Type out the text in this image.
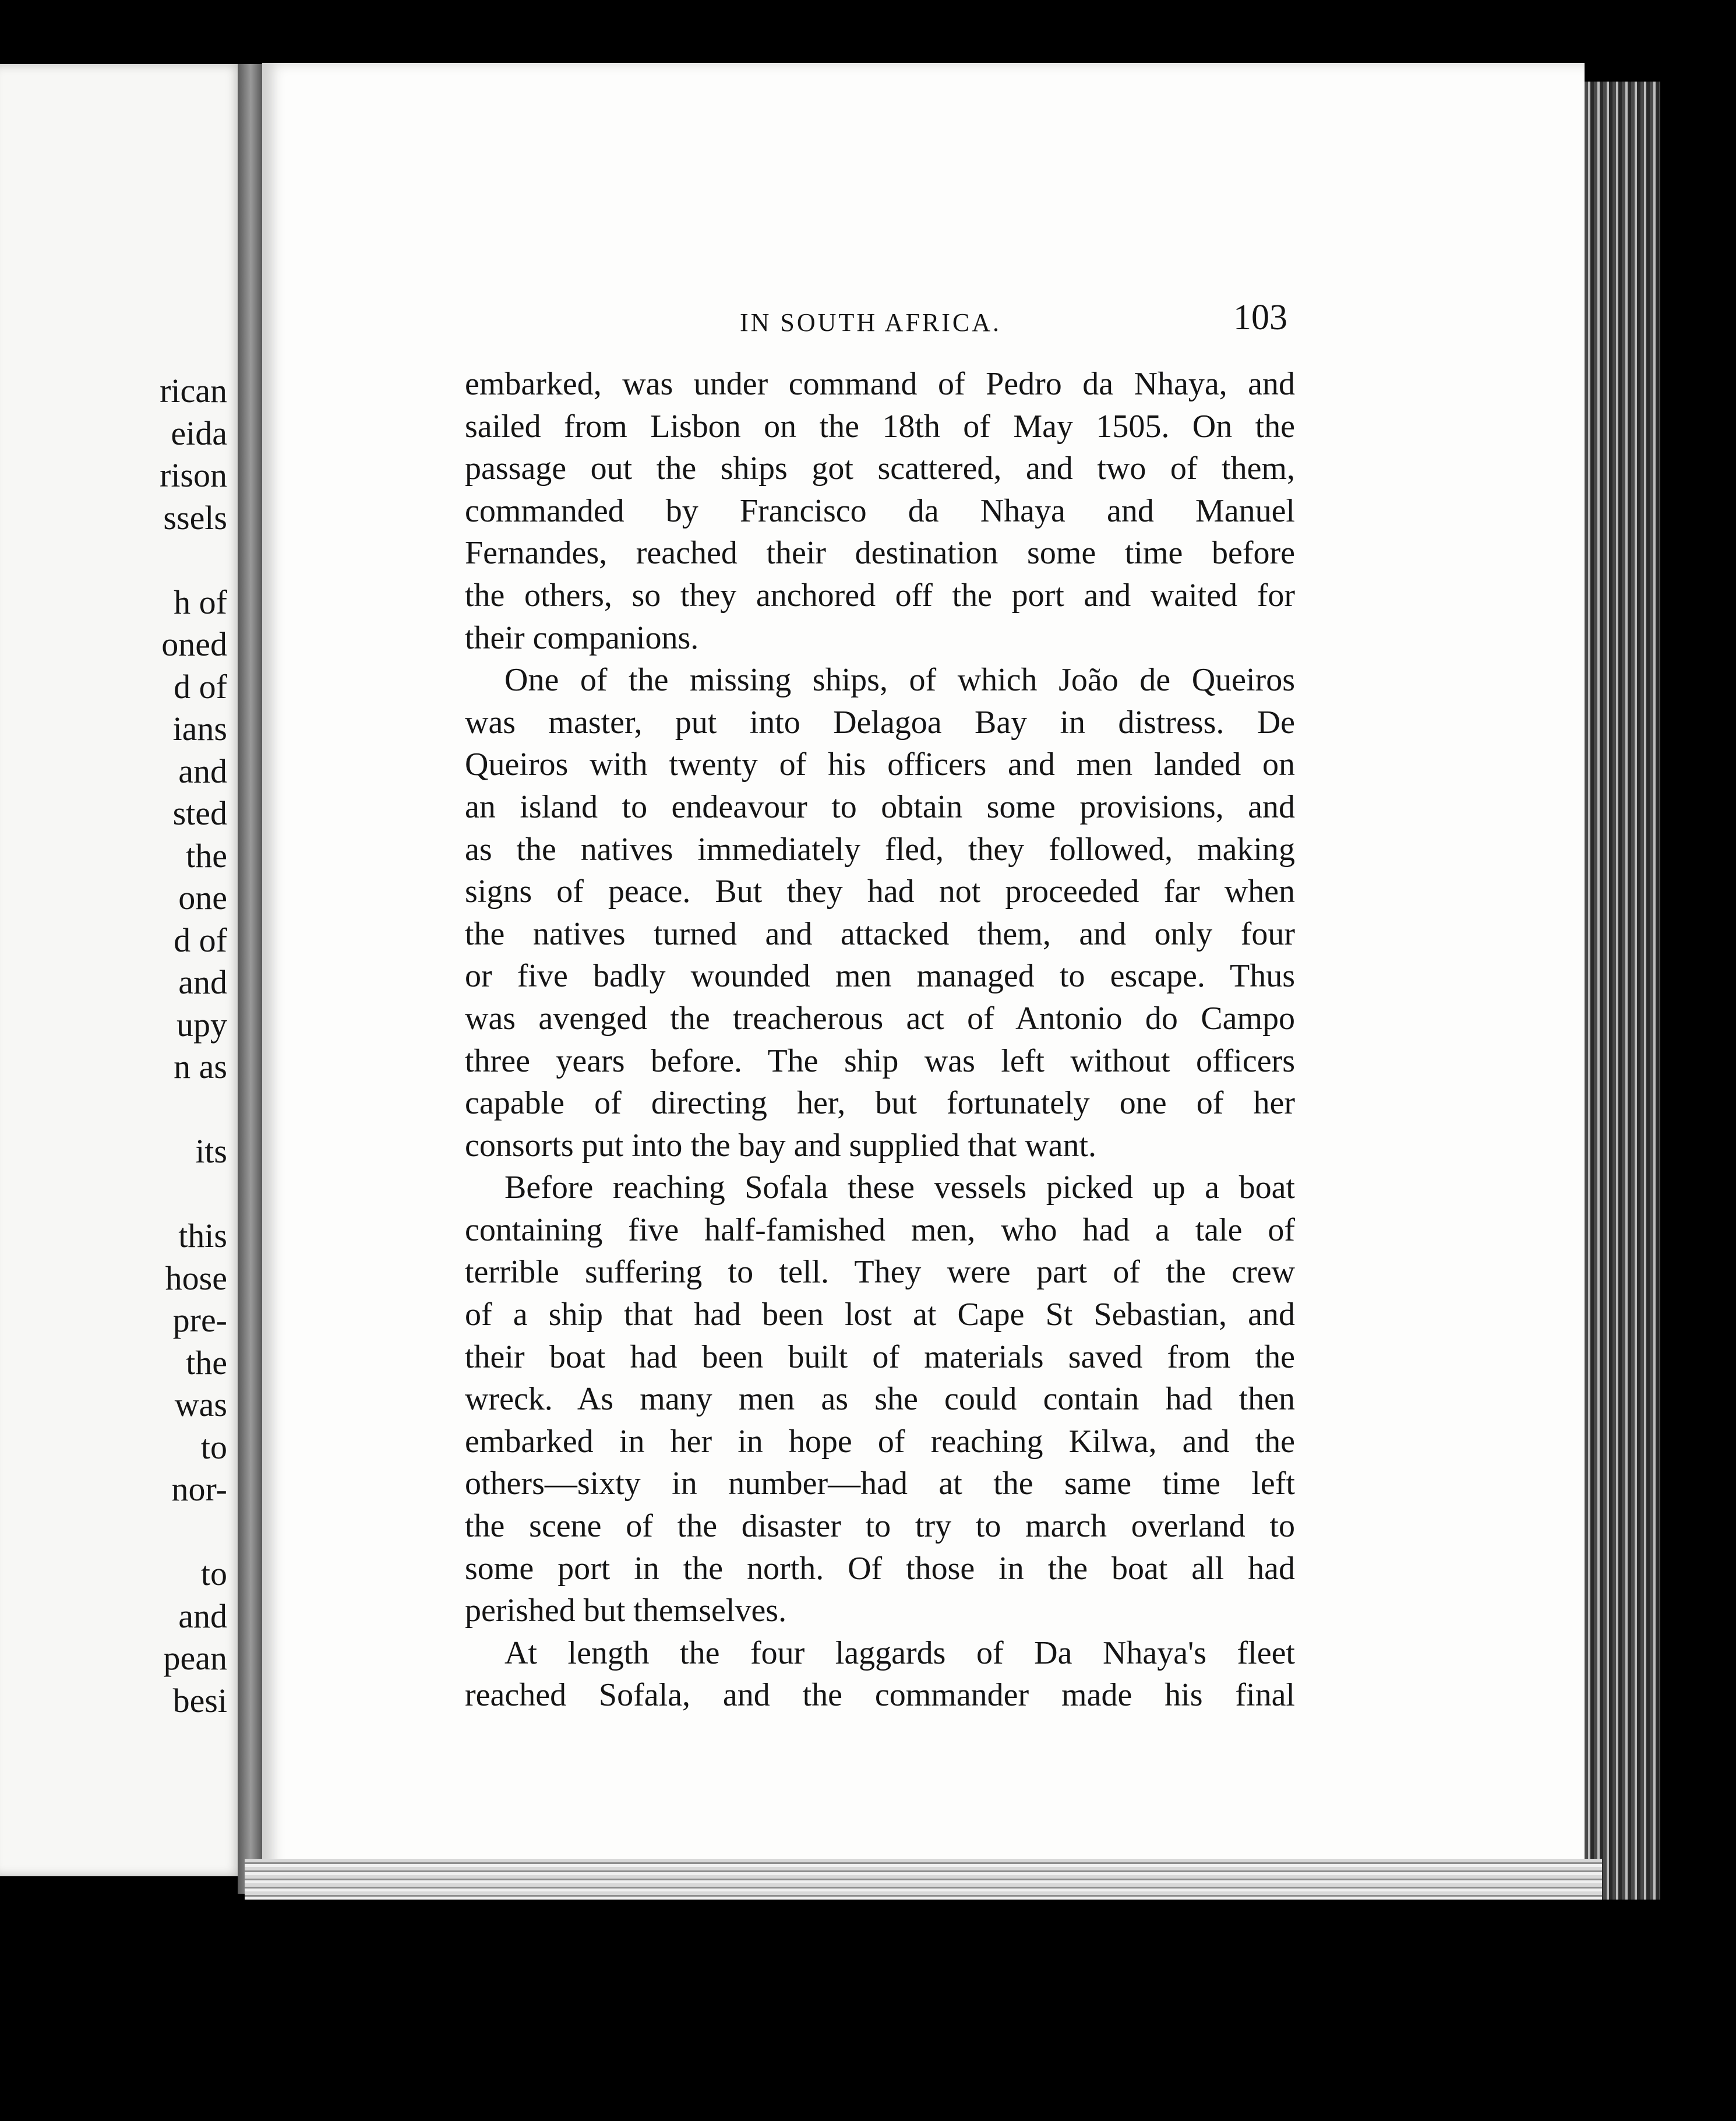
rican
eida
rison
ssels
h of
oned
d of
ians
and
sted
the
one
d of
and
upy
n as
its
this
hose
pre-
the
was
to
nor-
to
and
pean
besi
IN SOUTH AFRICA.	103
embarked, was under command of Pedro da Nhaya, and
sailed from Lisbon on the 18th of May 1505. On the
passage out the ships got scattered, and two of them,
commanded by Francisco da Nhaya and Manuel
Fernandes, reached their destination some time before
the others, so they anchored off the port and waited for
their companions.
One of the missing ships, of which João de Queiros
was master, put into Delagoa Bay in distress. De
Queiros with twenty of his officers and men landed on
an island to endeavour to obtain some provisions, and
as the natives immediately fled, they followed, making
signs of peace. But they had not proceeded far when
the natives turned and attacked them, and only four
or five badly wounded men managed to escape. Thus
was avenged the treacherous act of Antonio do Campo
three years before. The ship was left without officers
capable of directing her, but fortunately one of her
consorts put into the bay and supplied that want.
Before reaching Sofala these vessels picked up a boat
containing five half-famished men, who had a tale of
terrible suffering to tell. They were part of the crew
of a ship that had been lost at Cape St Sebastian, and
their boat had been built of materials saved from the
wreck. As many men as she could contain had then
embarked in her in hope of reaching Kilwa, and the
others—sixty in number—had at the same time left
the scene of the disaster to try to march overland to
some port in the north. Of those in the boat all had
perished but themselves.
At length the four laggards of Da Nhaya's fleet
reached Sofala, and the commander made his final
